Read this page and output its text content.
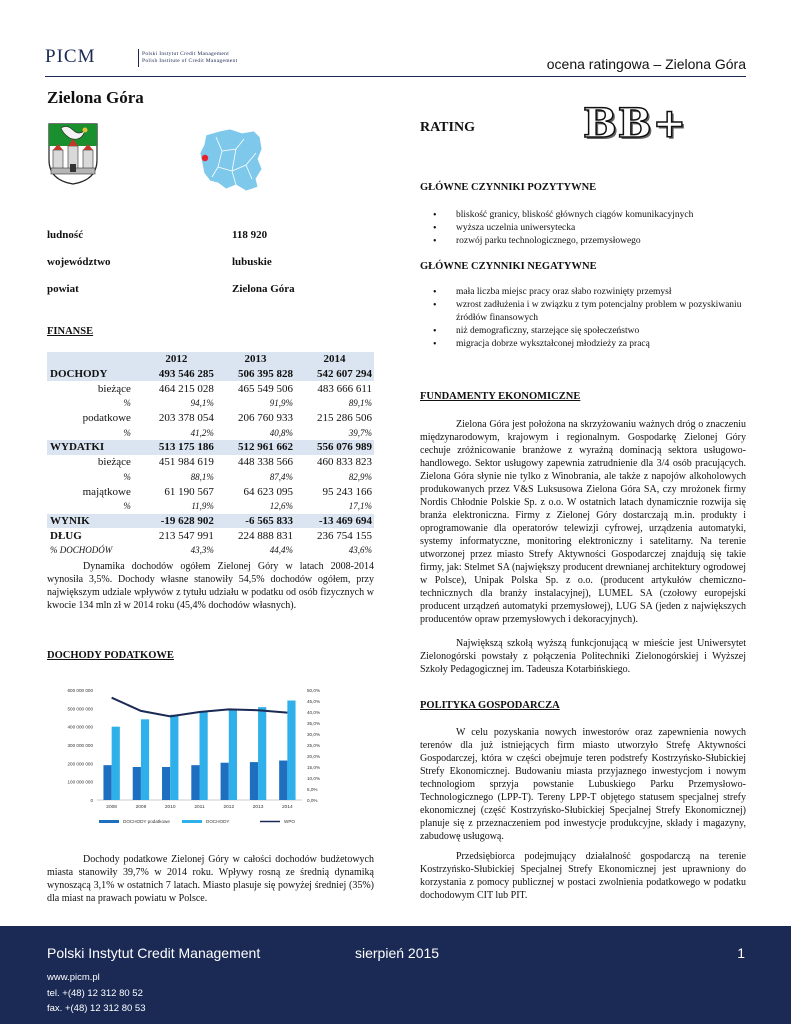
PICM	Polski Instytut Credit Management
Polish Institute of Credit Management	ocena ratingowa – Zielona Góra
Zielona Góra
ludność	118 920
województwo	lubuskie
powiat	Zielona Góra
FINANSE
	2012	2013	2014
DOCHODY	493 546 285	506 395 828	542 607 294
bieżące	464 215 028	465 549 506	483 666 611
%	94,1%	91,9%	89,1%
podatkowe	203 378 054	206 760 933	215 286 506
%	41,2%	40,8%	39,7%
WYDATKI	513 175 186	512 961 662	556 076 989
bieżące	451 984 619	448 338 566	460 833 823
%	88,1%	87,4%	82,9%
majątkowe	61 190 567	64 623 095	95 243 166
%	11,9%	12,6%	17,1%
WYNIK	-19 628 902	-6 565 833	-13 469 694
DŁUG	213 547 991	224 888 831	236 754 155
% DOCHODÓW	43,3%	44,4%	43,6%
Dynamika dochodów ogółem Zielonej Góry w latach 2008-2014 wynosiła 3,5%. Dochody własne stanowiły 54,5% dochodów ogółem, przy największym udziale wpływów z tytułu udziału w podatku od osób fizycznych w kwocie 134 mln zł w 2014 roku (45,4% dochodów własnych).
DOCHODY PODATKOWE
600 000 000
500 000 000
400 000 000
300 000 000
200 000 000
100 000 000
0
50,0%
45,0%
40,0%
35,0%
30,0%
25,0%
20,0%
15,0%
10,0%
5,0%
0,0%
2008	2009	2010	2011	2012	2013	2014
DOCHODY podatkowe	DOCHODY	WPO
Dochody podatkowe Zielonej Góry w całości dochodów budżetowych miasta stanowiły 39,7% w 2014 roku. Wpływy rosną ze średnią dynamiką wynoszącą 3,1% w ostatnich 7 latach. Miasto plasuje się powyżej średniej (35%) dla miast na prawach powiatu w Polsce.
RATING	BB+
GŁÓWNE CZYNNIKI POZYTYWNE
• bliskość granicy, bliskość głównych ciągów komunikacyjnych
• wyższa uczelnia uniwersytecka
• rozwój parku technologicznego, przemysłowego
GŁÓWNE CZYNNIKI NEGATYWNE
• mała liczba miejsc pracy oraz słabo rozwinięty przemysł
• wzrost zadłużenia i w związku z tym potencjalny problem w pozyskiwaniu źródłów finansowych
• niż demograficzny, starzejące się społeczeństwo
• migracja dobrze wykształconej młodzieży za pracą
FUNDAMENTY EKONOMICZNE
Zielona Góra jest położona na skrzyżowaniu ważnych dróg o znaczeniu międzynarodowym, krajowym i regionalnym. Gospodarkę Zielonej Góry cechuje zróżnicowanie branżowe z wyraźną dominacją sektora usługowo-handlowego. Sektor usługowy zapewnia zatrudnienie dla 3/4 osób pracujących. Zielona Góra słynie nie tylko z Winobrania, ale także z napojów alkoholowych produkowanych przez V&S Luksusowa Zielona Góra SA, czy mrożonek firmy Nordis Chłodnie Polskie Sp. z o.o. W ostatnich latach dynamicznie rozwija się branża elektroniczna. Firmy z Zielonej Góry dostarczają m.in. produkty i oprogramowanie dla operatorów telewizji cyfrowej, urządzenia automatyki, systemy informatyczne, monitoring elektroniczny i satelitarny. Na terenie utworzonej przez miasto Strefy Aktywności Gospodarczej znajdują się takie firmy, jak: Stelmet SA (największy producent drewnianej architektury ogrodowej w Polsce), Unipak Polska Sp. z o.o. (producent artykułów chemiczno-technicznych dla branży instalacyjnej), LUMEL SA (czołowy europejski producent urządzeń automatyki przemysłowej), LUG SA (jeden z największych producentów opraw przemysłowych i dekoracyjnych).
Największą szkołą wyższą funkcjonującą w mieście jest Uniwersytet Zielonogórski powstały z połączenia Politechniki Zielonogórskiej i Wyższej Szkoły Pedagogicznej im. Tadeusza Kotarbińskiego.
POLITYKA GOSPODARCZA
W celu pozyskania nowych inwestorów oraz zapewnienia nowych terenów dla już istniejących firm miasto utworzyło Strefę Aktywności Gospodarczej, która w części obejmuje teren podstrefy Kostrzyńsko-Słubickiej Strefy Ekonomicznej. Budowaniu miasta przyjaznego inwestycjom i nowym technologiom sprzyja powstanie Lubuskiego Parku Przemysłowo-Technologicznego (LPP-T). Tereny LPP-T objętego statusem specjalnej strefy ekonomicznej (część Kostrzyńsko-Słubickiej Specjalnej Strefy Ekonomicznej) planuje się z przeznaczeniem pod inwestycje produkcyjne, składy i magazyny, zabudowę usługową.
Przedsiębiorca podejmujący działalność gospodarczą na terenie Kostrzyńsko-Słubickiej Specjalnej Strefy Ekonomicznej jest uprawniony do korzystania z pomocy publicznej w postaci zwolnienia podatkowego w podatku dochodowym CIT lub PIT.
Polski Instytut Credit Management	sierpień 2015	1
www.picm.pl
tel. +(48) 12 312 80 52
fax. +(48) 12 312 80 53
